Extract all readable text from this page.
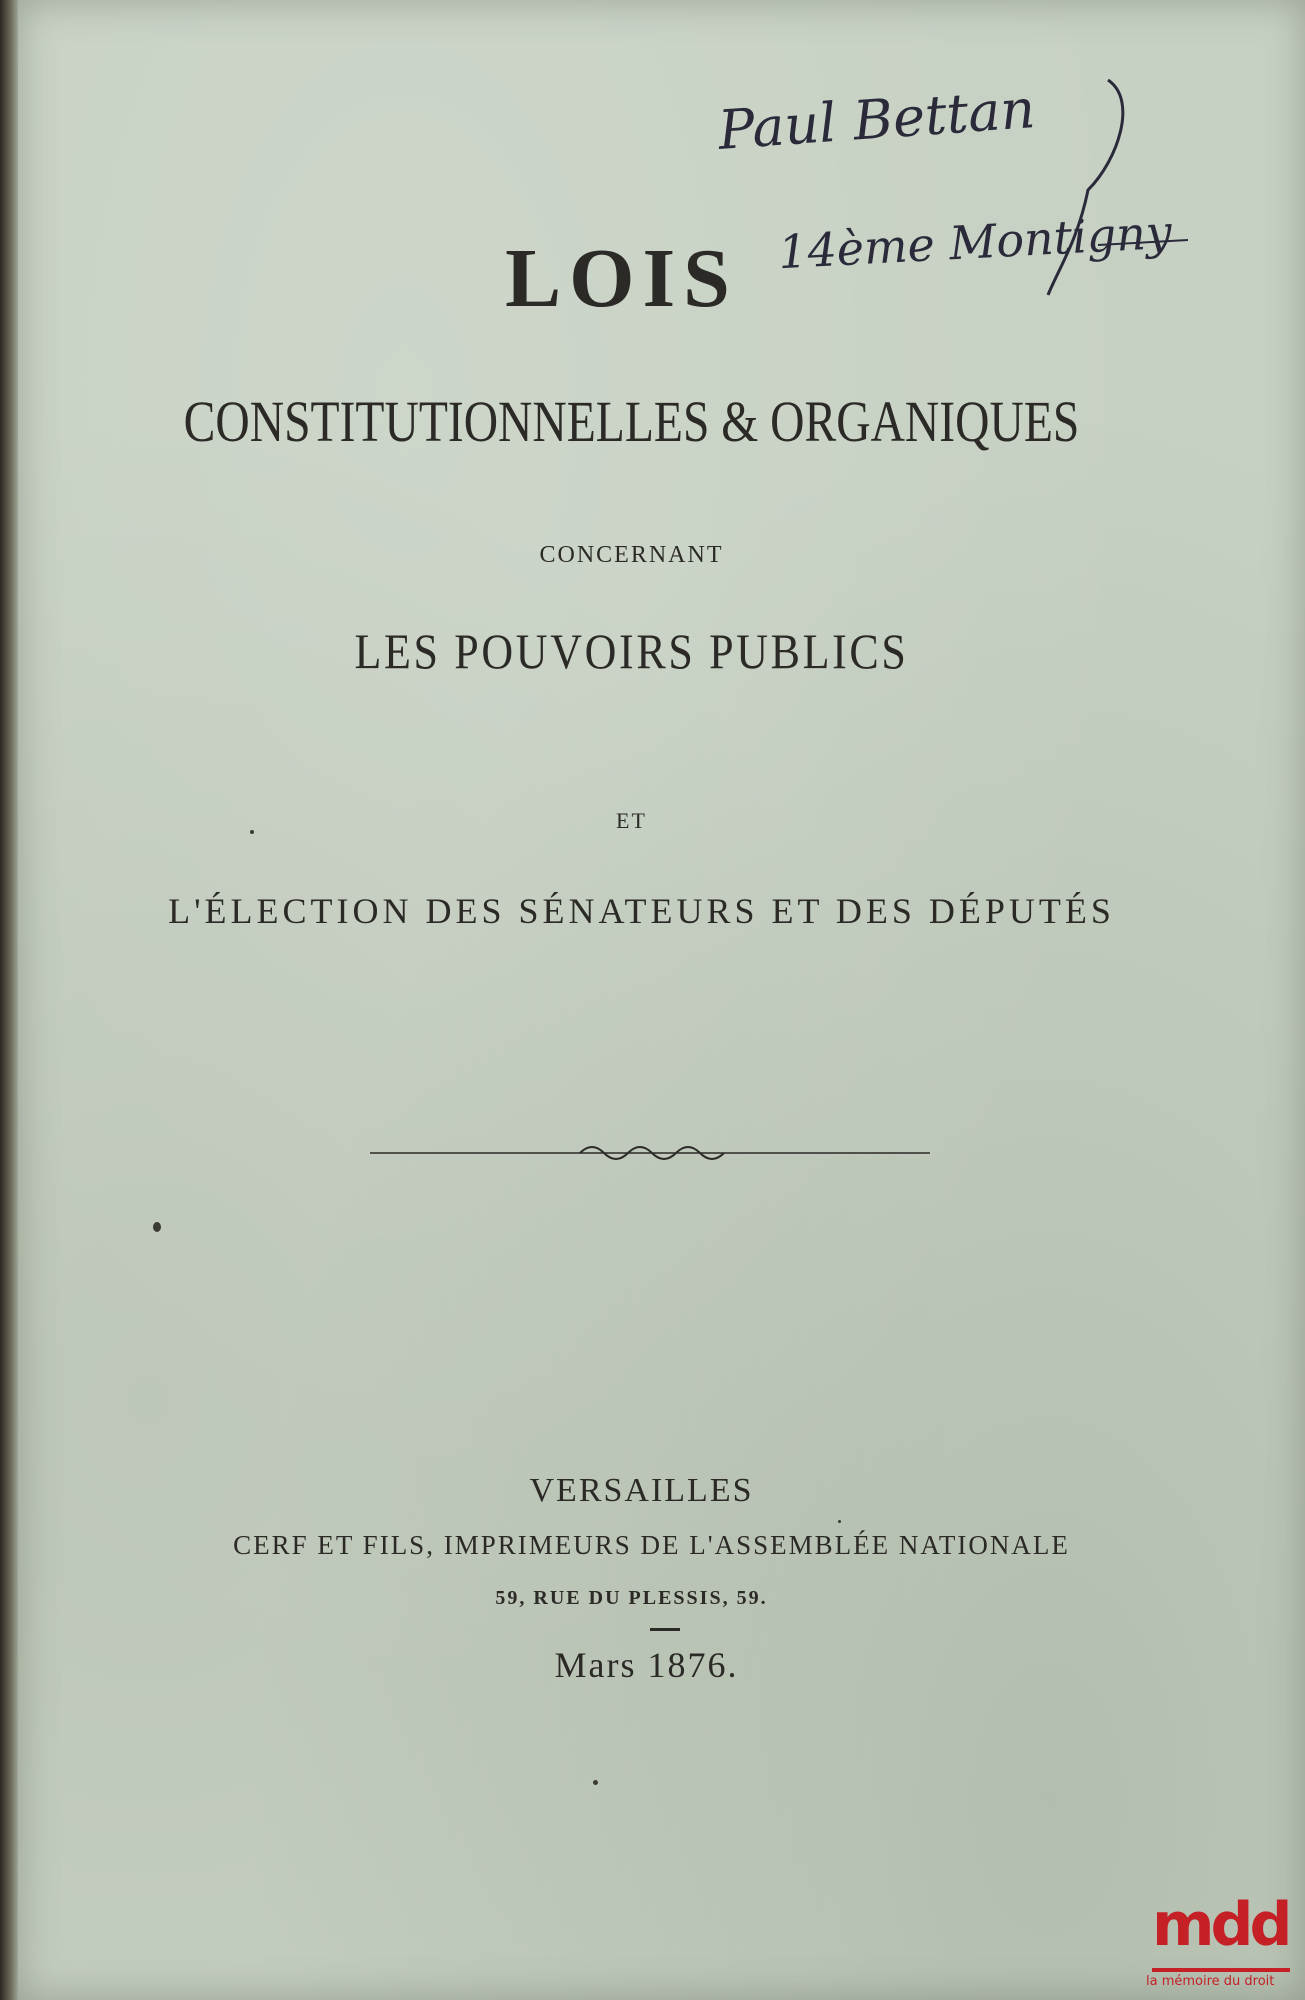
Paul Bettan
14ème Montigny
LOIS
CONSTITUTIONNELLES & ORGANIQUES
CONCERNANT
LES POUVOIRS PUBLICS
ET
L'ÉLECTION DES SÉNATEURS ET DES DÉPUTÉS
VERSAILLES
CERF ET FILS, IMPRIMEURS DE L'ASSEMBLÉE NATIONALE
59, RUE DU PLESSIS, 59.
Mars 1876.
mdd
la mémoire du droit
